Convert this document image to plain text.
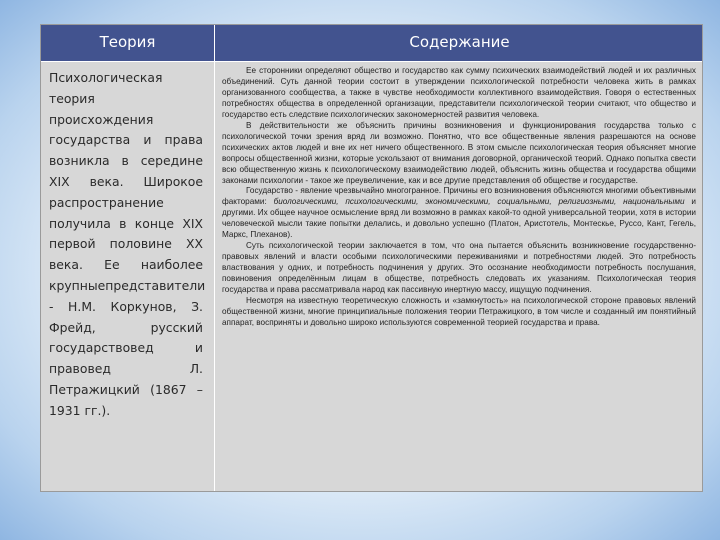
Теория	Содержание
Психологическая теория происхождения государства и права возникла в середине XIX века. Широкое распространение получила в конце XIX первой половине XX века. Ее наиболее крупныепредставители - Н.М. Коркунов, З. Фрейд, русский государствовед и правовед Л. Петражицкий (1867 – 1931 гг.).

Ее сторонники определяют общество и государство как сумму психических взаимодействий людей и их различных объединений. Суть данной теории состоит в утверждении психологической потребности человека жить в рамках организованного сообщества, а также в чувстве необходимости коллективного взаимодействия. Говоря о естественных потребностях общества в определенной организации, представители психологической теории считают, что общество и государство есть следствие психологических закономерностей развития человека.

В действительности же объяснить причины возникновения и функционирования государства только с психологической точки зрения вряд ли возможно. Понятно, что все общественные явления разрешаются на основе психических актов людей и вне их нет ничего общественного. В этом смысле психологическая теория объясняет многие вопросы общественной жизни, которые ускользают от внимания договорной, органической теорий. Однако попытка свести всю общественную жизнь к психологическому взаимодействию людей, объяснить жизнь общества и государства общими законами психологии - такое же преувеличение, как и все другие представления об обществе и государстве.

Государство - явление чрезвычайно многогранное. Причины его возникновения объясняются многими объективными факторами: биологическими, психологическими, экономическими, социальными, религиозными, национальными и другими. Их общее научное осмысление вряд ли возможно в рамках какой-то одной универсальной теории, хотя в истории человеческой мысли такие попытки делались, и довольно успешно (Платон, Аристотель, Монтескье, Руссо, Кант, Гегель, Маркс, Плеханов).

Суть психологической теории заключается в том, что она пытается объяснить возникновение государственно-правовых явлений и власти особыми психологическими переживаниями и потребностями людей. Это потребность властвования у одних, и потребность подчинения у других. Это осознание необходимости потребность послушания, повиновения определённым лицам в обществе, потребность следовать их указаниям. Психологическая теория государства и права рассматривала народ как пассивную инертную массу, ищущую подчинения.

Несмотря на известную теоретическую сложность и «замкнутость» на психологической стороне правовых явлений общественной жизни, многие принципиальные положения теории Петражицкого, в том числе и созданный им понятийный аппарат, восприняты и довольно широко используются современной теорией государства и права.
